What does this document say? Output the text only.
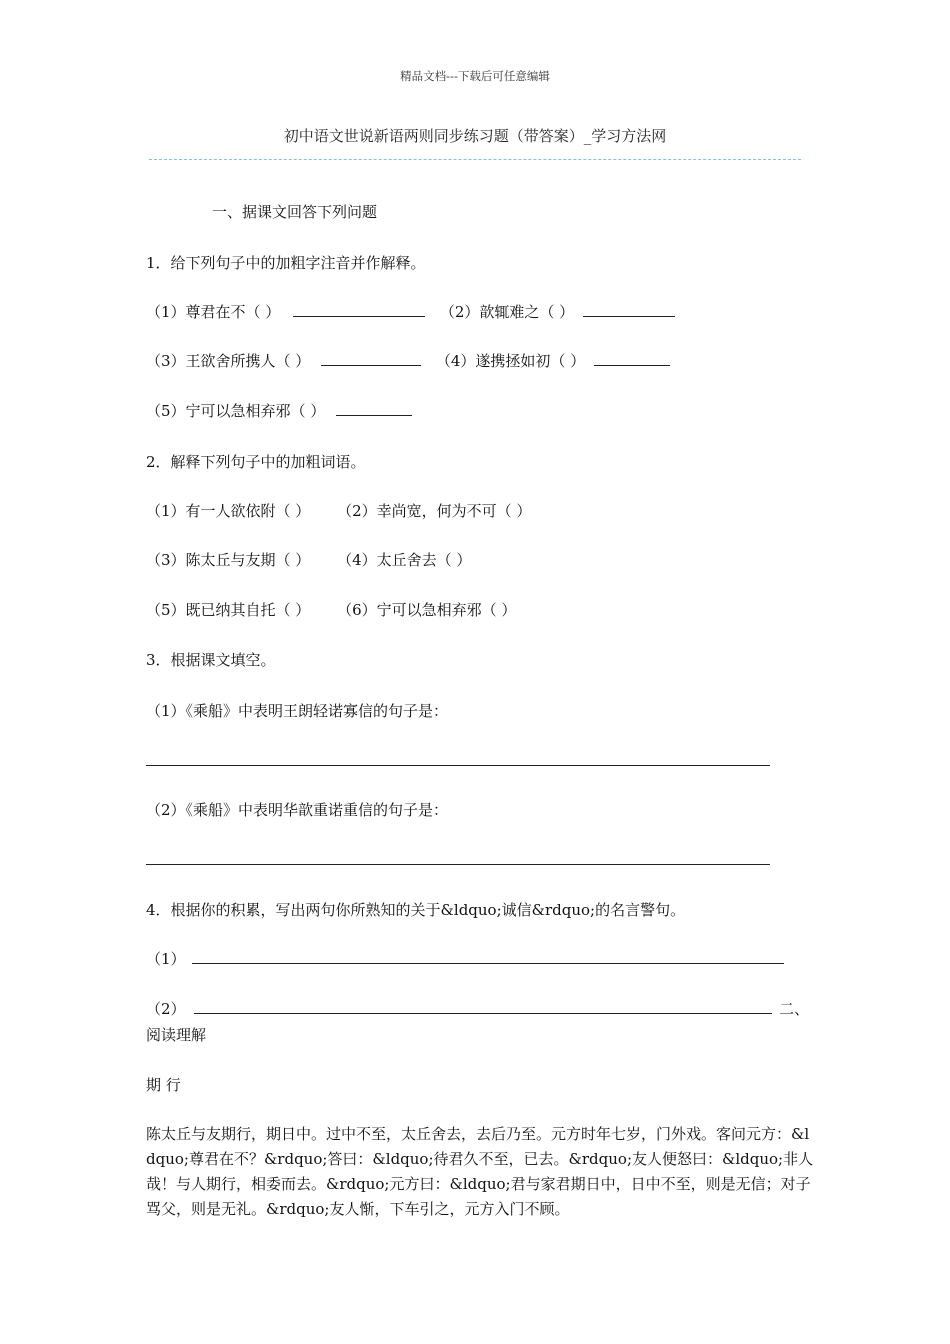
精品文档---下载后可任意编辑
初中语文世说新语两则同步练习题（带答案）_学习方法网
一、据课文回答下列问题
1．给下列句子中的加粗字注音并作解释。
（1）尊君在不（ ）	（2）歆辄难之（ ）
（3）王欲舍所携人（ ）	（4）遂携拯如初（ ）
（5）宁可以急相弃邪（ ）
2．解释下列句子中的加粗词语。
（1）有一人欲依附（ ） （2）幸尚宽，何为不可（ ）
（3）陈太丘与友期（ ） （4）太丘舍去（ ）
（5）既已纳其自托（ ） （6）宁可以急相弃邪（ ）
3．根据课文填空。
（1）《乘船》中表明王朗轻诺寡信的句子是：
（2）《乘船》中表明华歆重诺重信的句子是：
4．根据你的积累，写出两句你所熟知的关于&ldquo;诚信&rdquo;的名言警句。
（1）
（2）	二、
阅读理解
期 行
陈太丘与友期行，期日中。过中不至，太丘舍去，去后乃至。元方时年七岁，门外戏。客问元方：&ldquo;尊君在不？&rdquo;答曰：&ldquo;待君久不至，已去。&rdquo;友人便怒曰：&ldquo;非人哉！与人期行，相委而去。&rdquo;元方曰：&ldquo;君与家君期日中，日中不至，则是无信；对子骂父，则是无礼。&rdquo;友人惭，下车引之，元方入门不顾。
